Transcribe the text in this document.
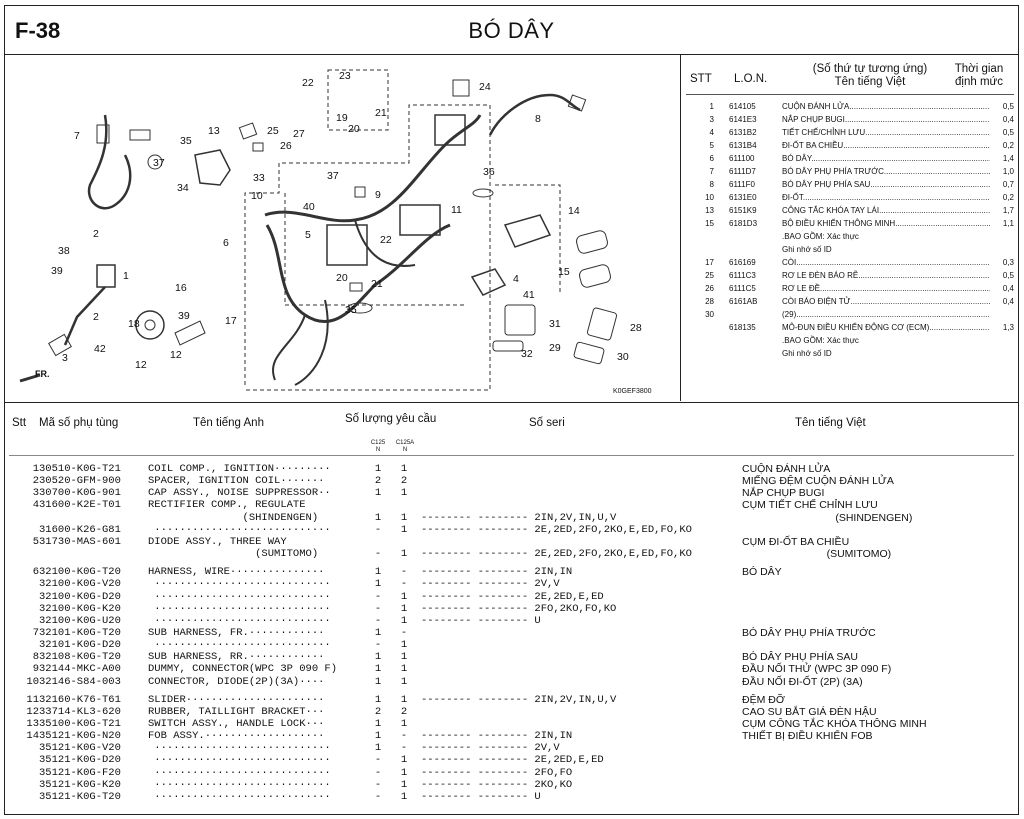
F-38	BÓ DÂY
1
2
2
3
4
5
6
7
8
9
10
11
12
12
13
14
15
16
17
18
19
20
20
21
21
22
22
23
24
25
26
27
28
29
30
31
32
33
34
35
35
36
37
37
38
39
39
40
41
42
FR.
K0GEF3800
STT L.O.N.
(Số thứ tự tương ứng)
Tên tiếng Việt
Thời gian
định mức
1 614105	CUỘN ĐÁNH LỬA .....	0,5
3 6141E3	NẮP CHỤP BUGI .....	0,4
4 6131B2	TIẾT CHẾ/CHỈNH LƯU .....	0,5
5 6131B4	ĐI-ỐT BA CHIỀU .....	0,2
6 611100	BÓ DÂY .....	1,4
7 6111D7	BÓ DÂY PHỤ PHÍA TRƯỚC .....	1,0
8 6111F0	BÓ DÂY PHỤ PHÍA SAU .....	0,7
10 6131E0	ĐI-ỐT .....	0,2
13 6151K9	CÔNG TẮC KHÓA TAY LÁI .....	1,7
15 6181D3	BỘ ĐIỀU KHIỂN THÔNG MINH .....	1,1
.BAO GỒM: Xác thực
Ghi nhớ số ID
17 616169	CÒI .....	0,3
25 6111C3	RƠ LE ĐÈN BÁO RẼ .....	0,5
26 6111C5	RƠ LE ĐỀ .....	0,4
28 6161AB	CÒI BÁO ĐIỆN TỬ .....	0,4
30	(29) .....
618135	MÔ-ĐUN ĐIỀU KHIỂN ĐỘNG CƠ (ECM) .....	1,3
.BAO GỒM: Xác thực
Ghi nhớ số ID
Stt Mã số phụ tùng	Tên tiếng Anh	Số lượng yêu cầu	Số seri	Tên tiếng Việt
C125
N
C125A
N
1 30510-K0G-T21	COIL COMP., IGNITION·········	1 1	CUỘN ĐÁNH LỬA
2 30520-GFM-900	SPACER, IGNITION COIL·······	2 2	MIẾNG ĐỆM CUỘN ĐÁNH LỬA
3 30700-K0G-901	CAP ASSY., NOISE SUPPRESSOR··	1 1	NẮP CHỤP BUGI
4 31600-K2E-T01	RECTIFIER COMP., REGULATE	CỤM TIẾT CHẾ CHỈNH LƯU
(SHINDENGEN)	1 1 -------- -------- 2IN,2V,IN,U,V	(SHINDENGEN)
31600-K26-G81	····························	- 1 -------- -------- 2E,2ED,2FO,2KO,E,ED,FO,KO
5 31730-MAS-601	DIODE ASSY., THREE WAY	CỤM ĐI-ỐT BA CHIỀU
(SUMITOMO)	- 1 -------- -------- 2E,2ED,2FO,2KO,E,ED,FO,KO	(SUMITOMO)
6 32100-K0G-T20	HARNESS, WIRE···············	1 - -------- -------- 2IN,IN	BÓ DÂY
32100-K0G-V20	····························	1 - -------- -------- 2V,V
32100-K0G-D20	····························	- 1 -------- -------- 2E,2ED,E,ED
32100-K0G-K20	····························	- 1 -------- -------- 2FO,2KO,FO,KO
32100-K0G-U20	····························	- 1 -------- -------- U
7 32101-K0G-T20	SUB HARNESS, FR.············	1 -	BÓ DÂY PHỤ PHÍA TRƯỚC
32101-K0G-D20	····························	- 1
8 32108-K0G-T20	SUB HARNESS, RR.············	1 1	BÓ DÂY PHỤ PHÍA SAU
9 32144-MKC-A00	DUMMY, CONNECTOR(WPC 3P 090 F)	1 1	ĐẦU NỐI THỬ (WPC 3P 090 F)
10 32146-S84-003	CONNECTOR, DIODE(2P)(3A)····	1 1	ĐẦU NỐI ĐI-ỐT (2P) (3A)
11 32160-K76-T61	SLIDER······················	1 1 -------- -------- 2IN,2V,IN,U,V	ĐỆM ĐỠ
12 33714-KL3-620	RUBBER, TAILLIGHT BRACKET···	2 2	CAO SU BẮT GIÁ ĐÈN HẬU
13 35100-K0G-T21	SWITCH ASSY., HANDLE LOCK···	1 1	CỤM CÔNG TẮC KHÓA THÔNG MINH
14 35121-K0G-N20	FOB ASSY.···················	1 - -------- -------- 2IN,IN	THIẾT BỊ ĐIỀU KHIỂN FOB
35121-K0G-V20	····························	1 - -------- -------- 2V,V
35121-K0G-D20	····························	- 1 -------- -------- 2E,2ED,E,ED
35121-K0G-F20	····························	- 1 -------- -------- 2FO,FO
35121-K0G-K20	····························	- 1 -------- -------- 2KO,KO
35121-K0G-T20	····························	- 1 -------- -------- U
